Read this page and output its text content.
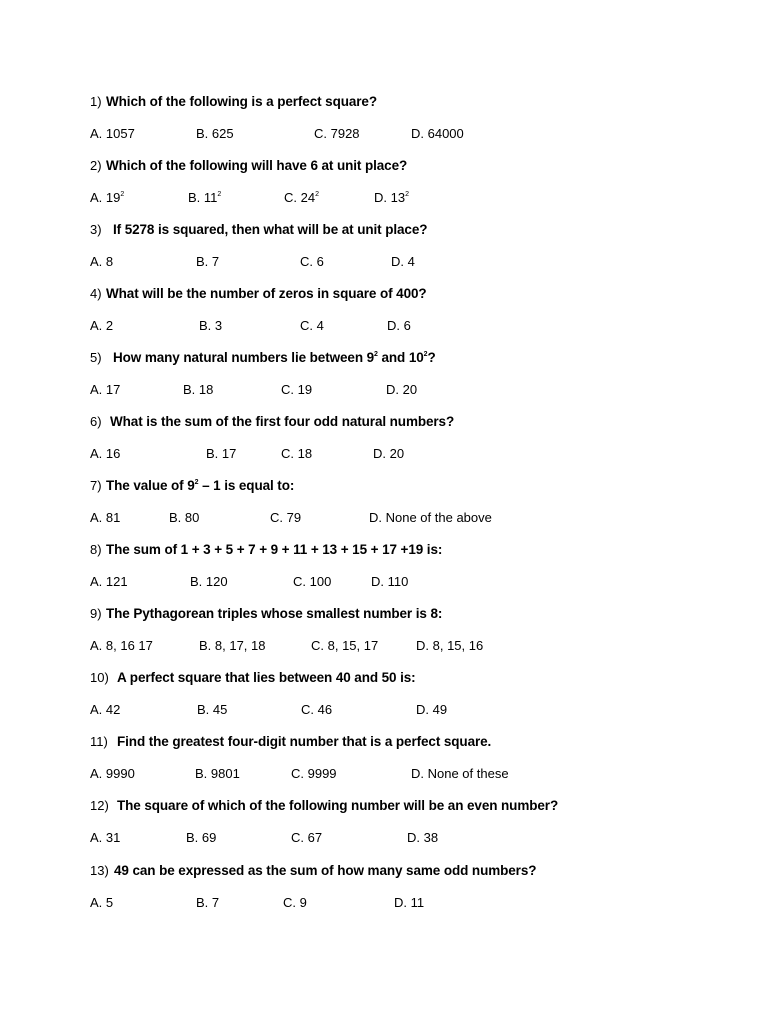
1) Which of the following is a perfect square?
A. 1057	B. 625	C. 7928	D. 64000
2) Which of the following will have 6 at unit place?
A. $19^2$	B. $11^2$	C. $24^2$	D. $13^2$
3) If 5278 is squared, then what will be at unit place?
A. 8	B. 7	C. 6	D. 4
4) What will be the number of zeros in square of 400?
A. 2	B. 3	C. 4	D. 6
5) How many natural numbers lie between $9^2$ and $10^2$?
A. 17	B. 18	C. 19	D. 20
6) What is the sum of the first four odd natural numbers?
A. 16	B. 17	C. 18	D. 20
7) The value of $9^2 - 1$ is equal to:
A. 81	B. 80	C. 79	D. None of the above
8) The sum of 1 + 3 + 5 + 7 + 9 + 11 + 13 + 15 + 17 +19 is:
A. 121	B. 120	C. 100	D. 110
9) The Pythagorean triples whose smallest number is 8:
A. 8, 16 17	B. 8, 17, 18	C. 8, 15, 17	D. 8, 15, 16
10) A perfect square that lies between 40 and 50 is:
A. 42	B. 45	C. 46	D. 49
11) Find the greatest four-digit number that is a perfect square.
A. 9990	B. 9801	C. 9999	D. None of these
12) The square of which of the following number will be an even number?
A. 31	B. 69	C. 67	D. 38
13) 49 can be expressed as the sum of how many same odd numbers?
A. 5	B. 7	C. 9	D. 11
